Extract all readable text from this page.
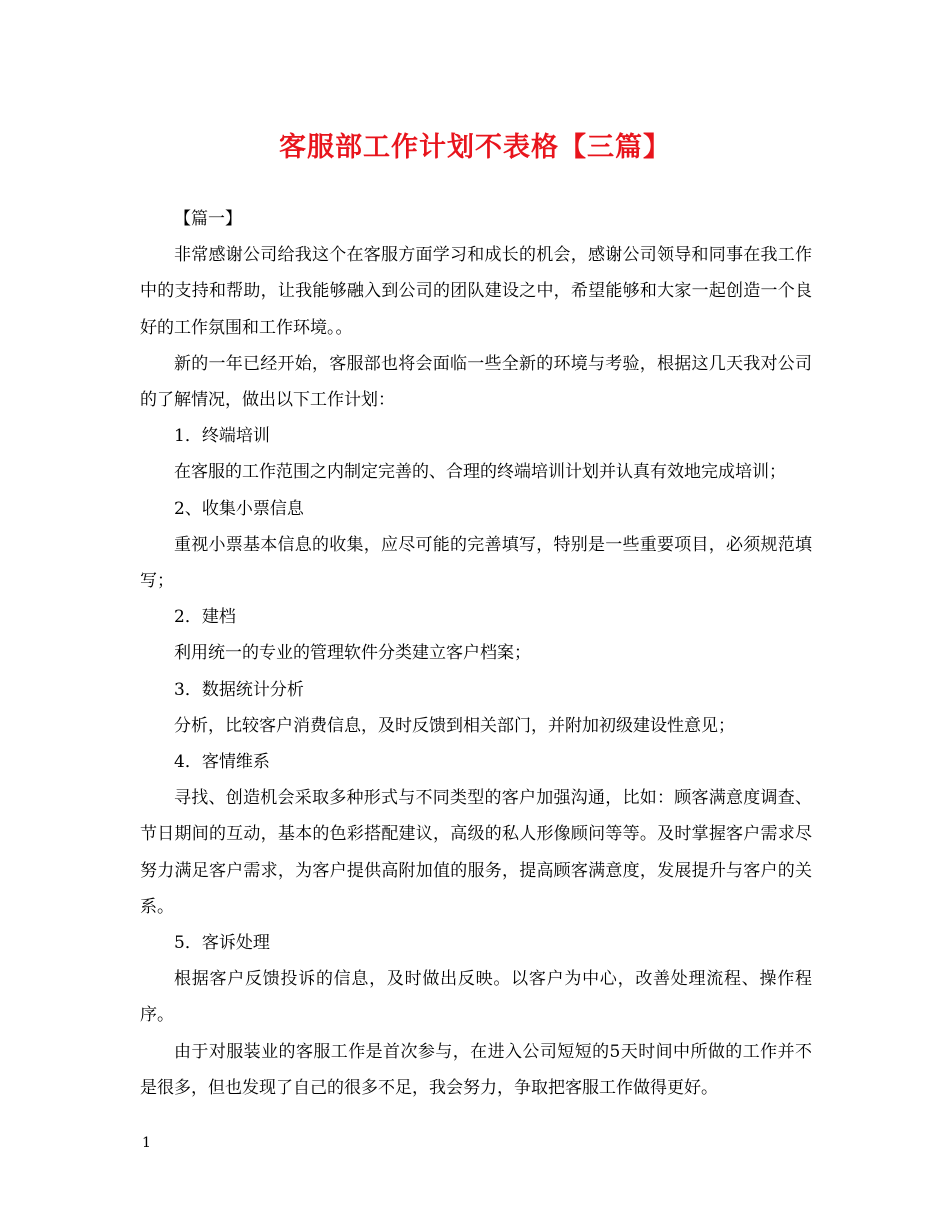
客服部工作计划不表格【三篇】

【篇一】

非常感谢公司给我这个在客服方面学习和成长的机会，感谢公司领导和同事在我工作中的支持和帮助，让我能够融入到公司的团队建设之中，希望能够和大家一起创造一个良好的工作氛围和工作环境。。

新的一年已经开始，客服部也将会面临一些全新的环境与考验，根据这几天我对公司的了解情况，做出以下工作计划：

1．终端培训

在客服的工作范围之内制定完善的、合理的终端培训计划并认真有效地完成培训；

2、收集小票信息

重视小票基本信息的收集，应尽可能的完善填写，特别是一些重要项目，必须规范填写；

2．建档

利用统一的专业的管理软件分类建立客户档案；

3．数据统计分析

分析，比较客户消费信息，及时反馈到相关部门，并附加初级建设性意见；

4．客情维系

寻找、创造机会采取多种形式与不同类型的客户加强沟通，比如：顾客满意度调查、节日期间的互动，基本的色彩搭配建议，高级的私人形像顾问等等。及时掌握客户需求尽努力满足客户需求，为客户提供高附加值的服务，提高顾客满意度，发展提升与客户的关系。

5．客诉处理

根据客户反馈投诉的信息，及时做出反映。以客户为中心，改善处理流程、操作程序。

由于对服装业的客服工作是首次参与，在进入公司短短的5天时间中所做的工作并不是很多，但也发现了自己的很多不足，我会努力，争取把客服工作做得更好。

1
